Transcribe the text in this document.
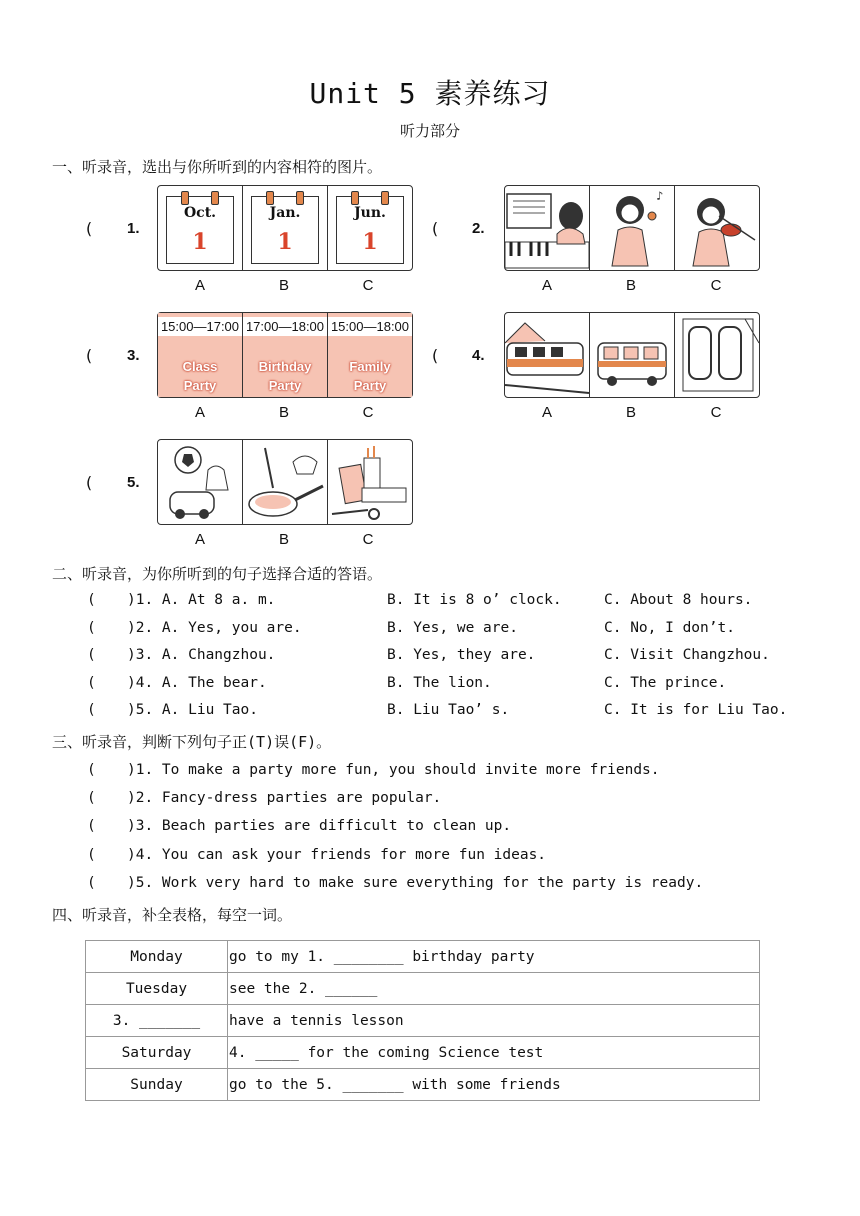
Unit 5 素养练习
听力部分
一、听录音，选出与你所听到的内容相符的图片。
( 1.
Oct.
1
Jan.
1
Jun.
1
A	B	C
( 2.
♪
A	B	C
( 3.
15:00—17:00
Class
Party
17:00—18:00
Birthday
Party
15:00—18:00
Family
Party
A	B	C
( 4.
A	B	C
( 5.
A	B	C
二、听录音，为你所听到的句子选择合适的答语。
( )1. A. At 8 a. m.	B. It is 8 o’ clock.	C. About 8 hours.
( )2. A. Yes, you are.	B. Yes, we are.	C. No, I don’t.
( )3. A. Changzhou.	B. Yes, they are.	C. Visit Changzhou.
( )4. A. The bear.	B. The lion.	C. The prince.
( )5. A. Liu Tao.	B. Liu Tao’ s.	C. It is for Liu Tao.
三、听录音，判断下列句子正(T)误(F)。
( )1. To make a party more fun, you should invite more friends.
( )2. Fancy-dress parties are popular.
( )3. Beach parties are difficult to clean up.
( )4. You can ask your friends for more fun ideas.
( )5. Work very hard to make sure everything for the party is ready.
四、听录音，补全表格，每空一词。
Monday	go to my 1. ________ birthday party
Tuesday	see the 2. ______
3. _______	have a tennis lesson
Saturday	4. _____ for the coming Science test
Sunday	go to the 5. _______ with some friends
